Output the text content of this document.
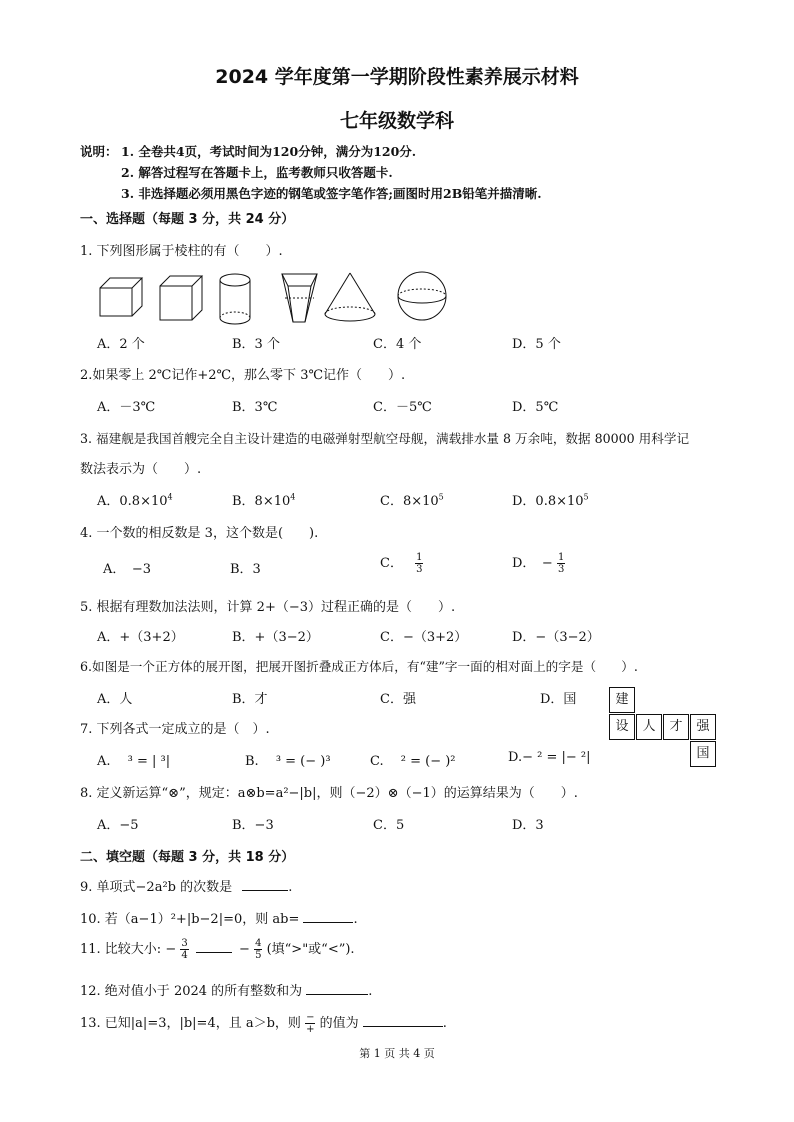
2024 学年度第一学期阶段性素养展示材料
七年级数学科
说明： 1. 全卷共4页，考试时间为120分钟，满分为120分.
2. 解答过程写在答题卡上，监考教师只收答题卡.
3. 非选择题必须用黑色字迹的钢笔或签字笔作答;画图时用2B铅笔并描清晰.
一、选择题（每题 3 分，共 24 分）
1. 下列图形属于棱柱的有（　　）.
A．2 个	B．3 个	C．4 个	D．5 个
2.如果零上 2℃记作+2℃，那么零下 3℃记作（　　）.
A．－3℃	B．3℃	C．－5℃	D．5℃
3. 福建舰是我国首艘完全自主设计建造的电磁弹射型航空母舰，满载排水量 8 万余吨，数据 80000 用科学记
数法表示为（　　）.
A．$0.8\times 10^4$	B．$8\times 10^4$	C．$8\times 10^5$	D．$0.8\times 10^5$
4. 一个数的相反数是 3，这个数是(　　).
A．　−3	B．3	C． $\frac{1}{3}$	D．　− $\frac{1}{3}$
5. 根据有理数加法法则，计算 2+（−3）过程正确的是（　　）.
A．+（3+2）	B．+（3−2）	C．−（3+2）	D．−（3−2）
6.如图是一个正方体的展开图，把展开图折叠成正方体后，有“建”字一面的相对面上的字是（　　）.
A．人	B．才	C．强	D．国	建
设	人	才	强
国
7. 下列各式一定成立的是（　）.
A.　 ³ = | ³|	B.　 ³ = (− )³	C.　 ² = (− )²	D.− ² = |− ²|
8. 定义新运算“⊗”，规定：a⊗b=a²−|b|，则（−2）⊗（−1）的运算结果为（　　）.
A．−5	B．−3	C．5	D．3
二、填空题（每题 3 分，共 18 分）
9. 单项式−2a²b 的次数是	.
10. 若（a−1）²+|b−2|=0，则 ab=	.
11. 比较大小: − $\frac{3}{4}$	− $\frac{4}{5}$ (填“>"或“<”).
12. 绝对值小于 2024 的所有整数和为	.
13. 已知|a|=3，|b|=4，且 a＞b，则 $\frac{-}{+}$ 的值为	.
第 1 页 共 4 页
